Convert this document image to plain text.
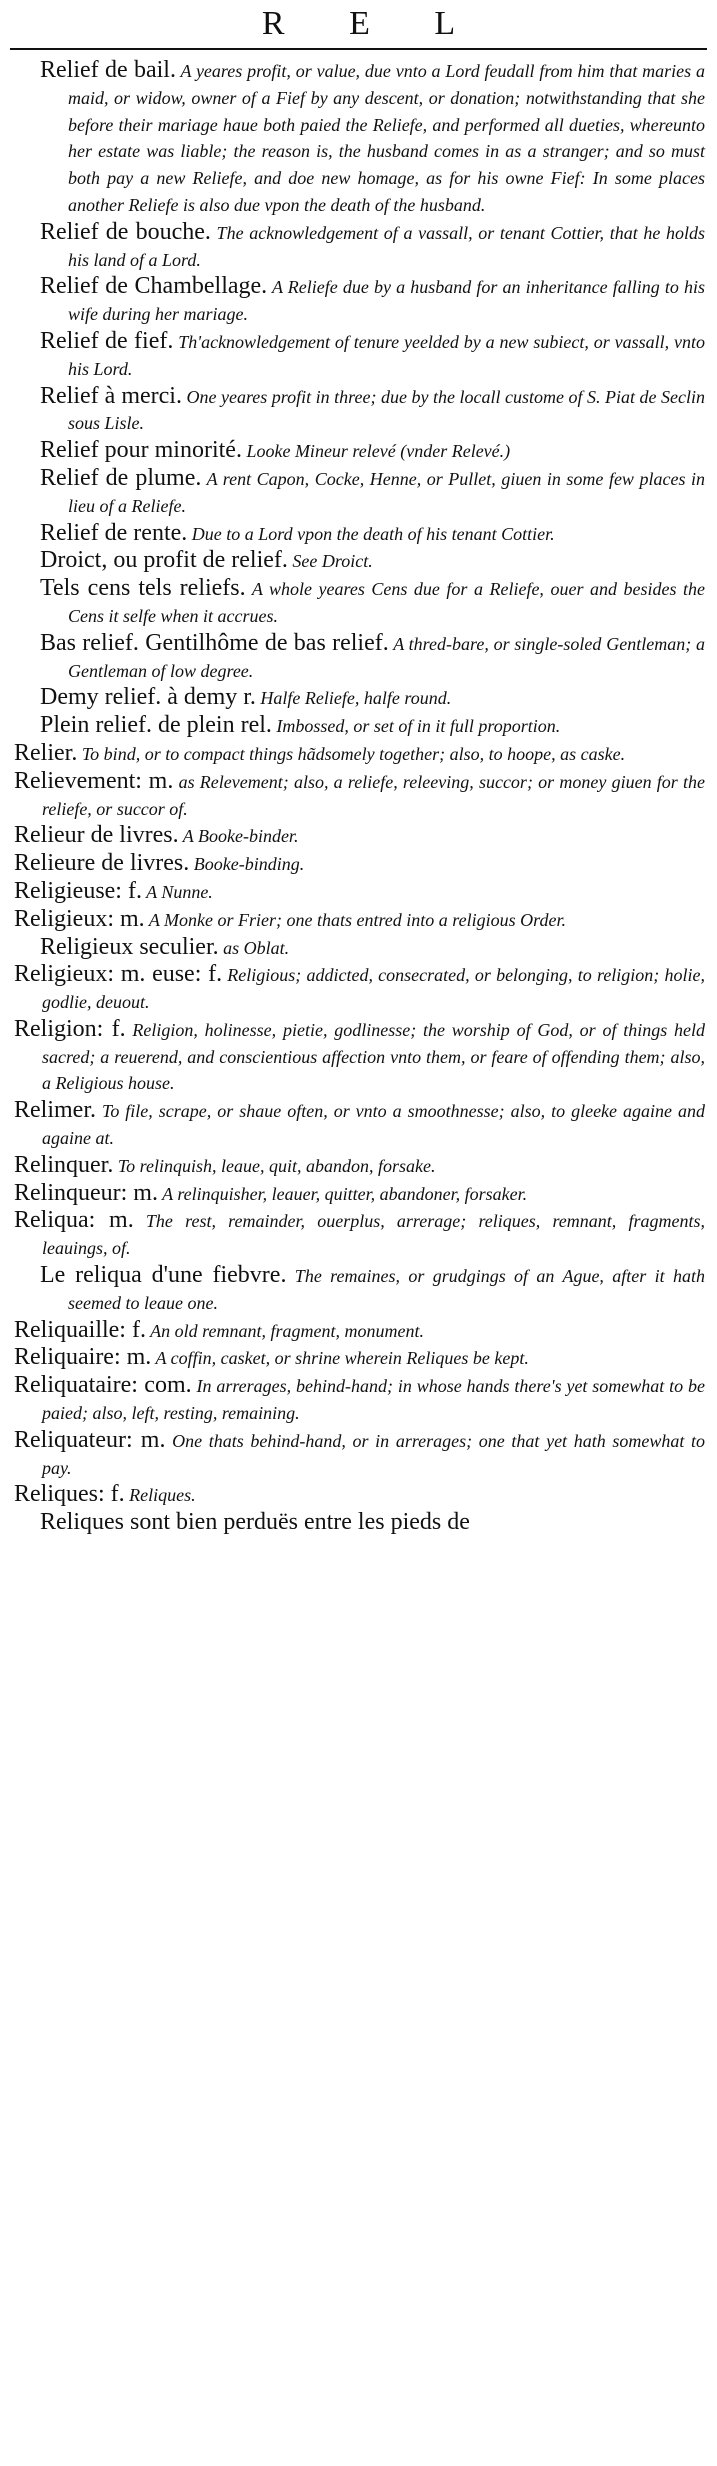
R E L

Relief de bail. A yeares profit, or value, due vnto a Lord feudall from him that maries a maid, or widow, owner of a Fief by any descent, or donation; notwithstanding that she before their mariage haue both paied the Reliefe, and performed all dueties, whereunto her estate was liable; the reason is, the husband comes in as a stranger; and so must both pay a new Reliefe, and doe new homage, as for his owne Fief: In some places another Reliefe is also due vpon the death of the husband.

Relief de bouche. The acknowledgement of a vassall, or tenant Cottier, that he holds his land of a Lord.

Relief de Chambellage. A Reliefe due by a husband for an inheritance falling to his wife during her mariage.

Relief de fief. Th'acknowledgement of tenure yeelded by a new subiect, or vassall, vnto his Lord.

Relief à merci. One yeares profit in three; due by the locall custome of S. Piat de Seclin sous Lisle.

Relief pour minorité. Looke Mineur relevé (vnder Relevé.)

Relief de plume. A rent Capon, Cocke, Henne, or Pullet, giuen in some few places in lieu of a Reliefe.

Relief de rente. Due to a Lord vpon the death of his tenant Cottier.

Droict, ou profit de relief. See Droict.

Tels cens tels reliefs. A whole yeares Cens due for a Reliefe, ouer and besides the Cens it selfe when it accrues.

Bas relief. Gentilhôme de bas relief. A thred-bare, or single-soled Gentleman; a Gentleman of low degree.

Demy relief. à demy r. Halfe Reliefe, halfe round.

Plein relief. de plein rel. Imbossed, or set of in it full proportion.

Relier. To bind, or to compact things hãdsomely together; also, to hoope, as caske.

Relievement: m. as Relevement; also, a reliefe, releeving, succor; or money giuen for the reliefe, or succor of.

Relieur de livres. A Booke-binder.

Relieure de livres. Booke-binding.

Religieuse: f. A Nunne.

Religieux: m. A Monke or Frier; one thats entred into a religious Order.

Religieux seculier. as Oblat.

Religieux: m. euse: f. Religious; addicted, consecrated, or belonging, to religion; holie, godlie, deuout.

Religion: f. Religion, holinesse, pietie, godlinesse; the worship of God, or of things held sacred; a reuerend, and conscientious affection vnto them, or feare of offending them; also, a Religious house.

Relimer. To file, scrape, or shaue often, or vnto a smoothnesse; also, to gleeke againe and againe at.

Relinquer. To relinquish, leaue, quit, abandon, forsake.

Relinqueur: m. A relinquisher, leauer, quitter, abandoner, forsaker.

Reliqua: m. The rest, remainder, ouerplus, arrerage; reliques, remnant, fragments, leauings, of.

Le reliqua d'une fiebvre. The remaines, or grudgings of an Ague, after it hath seemed to leaue one.

Reliquaille: f. An old remnant, fragment, monument.

Reliquaire: m. A coffin, casket, or shrine wherein Reliques be kept.

Reliquataire: com. In arrerages, behind-hand; in whose hands there's yet somewhat to be paied; also, left, resting, remaining.

Reliquateur: m. One thats behind-hand, or in arrerages; one that yet hath somewhat to pay.

Reliques: f. Reliques.

Reliques sont bien perduës entre les pieds de
